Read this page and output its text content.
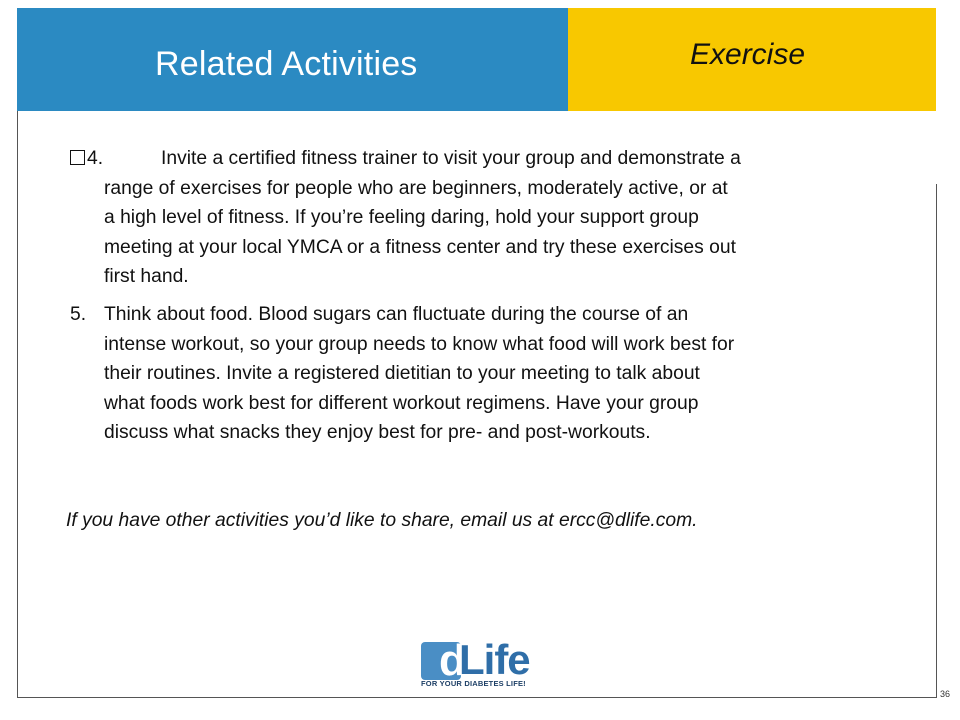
Related Activities	Exercise
4.	Invite a certified fitness trainer to visit your group and demonstrate a
range of exercises for people who are beginners, moderately active, or at
a high level of fitness. If you’re feeling daring, hold your support group
meeting at your local YMCA or a fitness center and try these exercises out
first hand.
5. Think about food. Blood sugars can fluctuate during the course of an
intense workout, so your group needs to know what food will work best for
their routines. Invite a registered dietitian to your meeting to talk about
what foods work best for different workout regimens. Have your group
discuss what snacks they enjoy best for pre- and post-workouts.
If you have other activities you’d like to share, email us at ercc@dlife.com.
d
Life
FOR YOUR DIABETES LIFE!
36
